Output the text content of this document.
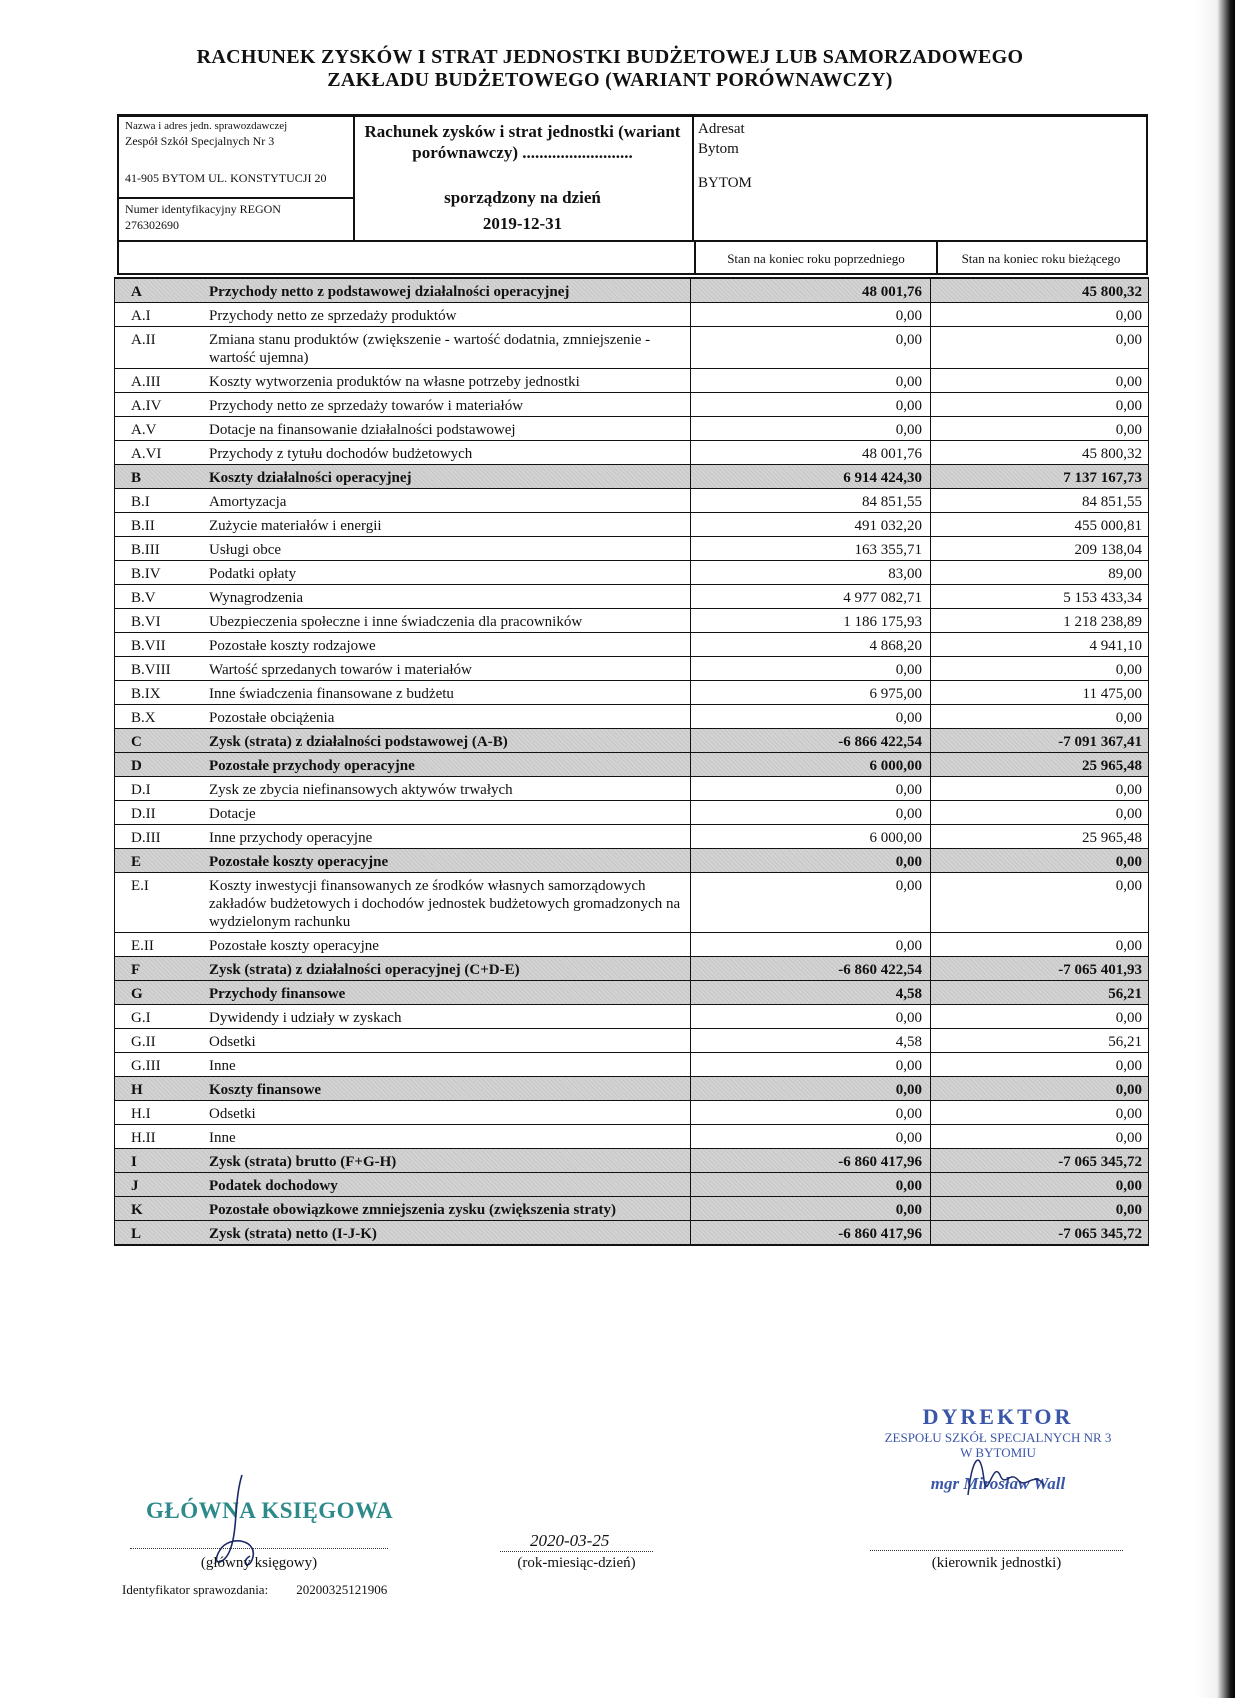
RACHUNEK ZYSKÓW I STRAT JEDNOSTKI BUDŻETOWEJ LUB SAMORZADOWEGO ZAKŁADU BUDŻETOWEGO (WARIANT PORÓWNAWCZY)
Nazwa i adres jedn. sprawozdawczej
Zespół Szkół Specjalnych Nr 3
41-905 BYTOM UL. KONSTYTUCJI 20
Numer identyfikacyjny REGON
276302690
Rachunek zysków i strat jednostki (wariant porównawczy) ..........................
sporządzony na dzień
2019-12-31
Adresat
Bytom
BYTOM
Stan na koniec roku poprzedniego	Stan na koniec roku bieżącego
A	Przychody netto z podstawowej działalności operacyjnej	48 001,76	45 800,32
A.I	Przychody netto ze sprzedaży produktów	0,00	0,00
A.II	Zmiana stanu produktów (zwiększenie - wartość dodatnia, zmniejszenie - wartość ujemna)
0,00	0,00
A.III	Koszty wytworzenia produktów na własne potrzeby jednostki	0,00	0,00
A.IV	Przychody netto ze sprzedaży towarów i materiałów	0,00	0,00
A.V	Dotacje na finansowanie działalności podstawowej	0,00	0,00
A.VI	Przychody z tytułu dochodów budżetowych	48 001,76	45 800,32
B	Koszty działalności operacyjnej	6 914 424,30	7 137 167,73
B.I	Amortyzacja	84 851,55	84 851,55
B.II	Zużycie materiałów i energii	491 032,20	455 000,81
B.III	Usługi obce	163 355,71	209 138,04
B.IV	Podatki opłaty	83,00	89,00
B.V	Wynagrodzenia	4 977 082,71	5 153 433,34
B.VI	Ubezpieczenia społeczne i inne świadczenia dla pracowników	1 186 175,93	1 218 238,89
B.VII	Pozostałe koszty rodzajowe	4 868,20	4 941,10
B.VIII	Wartość sprzedanych towarów i materiałów	0,00	0,00
B.IX	Inne świadczenia finansowane z budżetu	6 975,00	11 475,00
B.X	Pozostałe obciążenia	0,00	0,00
C	Zysk (strata) z działalności podstawowej (A-B)	-6 866 422,54	-7 091 367,41
D	Pozostałe przychody operacyjne	6 000,00	25 965,48
D.I	Zysk ze zbycia niefinansowych aktywów trwałych	0,00	0,00
D.II	Dotacje	0,00	0,00
D.III	Inne przychody operacyjne	6 000,00	25 965,48
E	Pozostałe koszty operacyjne	0,00	0,00
E.I	Koszty inwestycji finansowanych ze środków własnych samorządowych zakładów budżetowych i dochodów jednostek budżetowych gromadzonych na wydzielonym rachunku
0,00	0,00
E.II	Pozostałe koszty operacyjne	0,00	0,00
F	Zysk (strata) z działalności operacyjnej (C+D-E)	-6 860 422,54	-7 065 401,93
G	Przychody finansowe	4,58	56,21
G.I	Dywidendy i udziały w zyskach	0,00	0,00
G.II	Odsetki	4,58	56,21
G.III	Inne	0,00	0,00
H	Koszty finansowe	0,00	0,00
H.I	Odsetki	0,00	0,00
H.II	Inne	0,00	0,00
I	Zysk (strata) brutto (F+G-H)	-6 860 417,96	-7 065 345,72
J	Podatek dochodowy	0,00	0,00
K	Pozostałe obowiązkowe zmniejszenia zysku (zwiększenia straty)	0,00	0,00
L	Zysk (strata) netto (I-J-K)	-6 860 417,96	-7 065 345,72
DYREKTOR
ZESPOŁU SZKÓŁ SPECJALNYCH NR 3
W BYTOMIU
mgr Mirosław Wall
GŁÓWNA KSIĘGOWA
(główny księgowy)
2020-03-25
(rok-miesiąc-dzień)	(kierownik jednostki)
Identyfikator sprawozdania: 20200325121906
